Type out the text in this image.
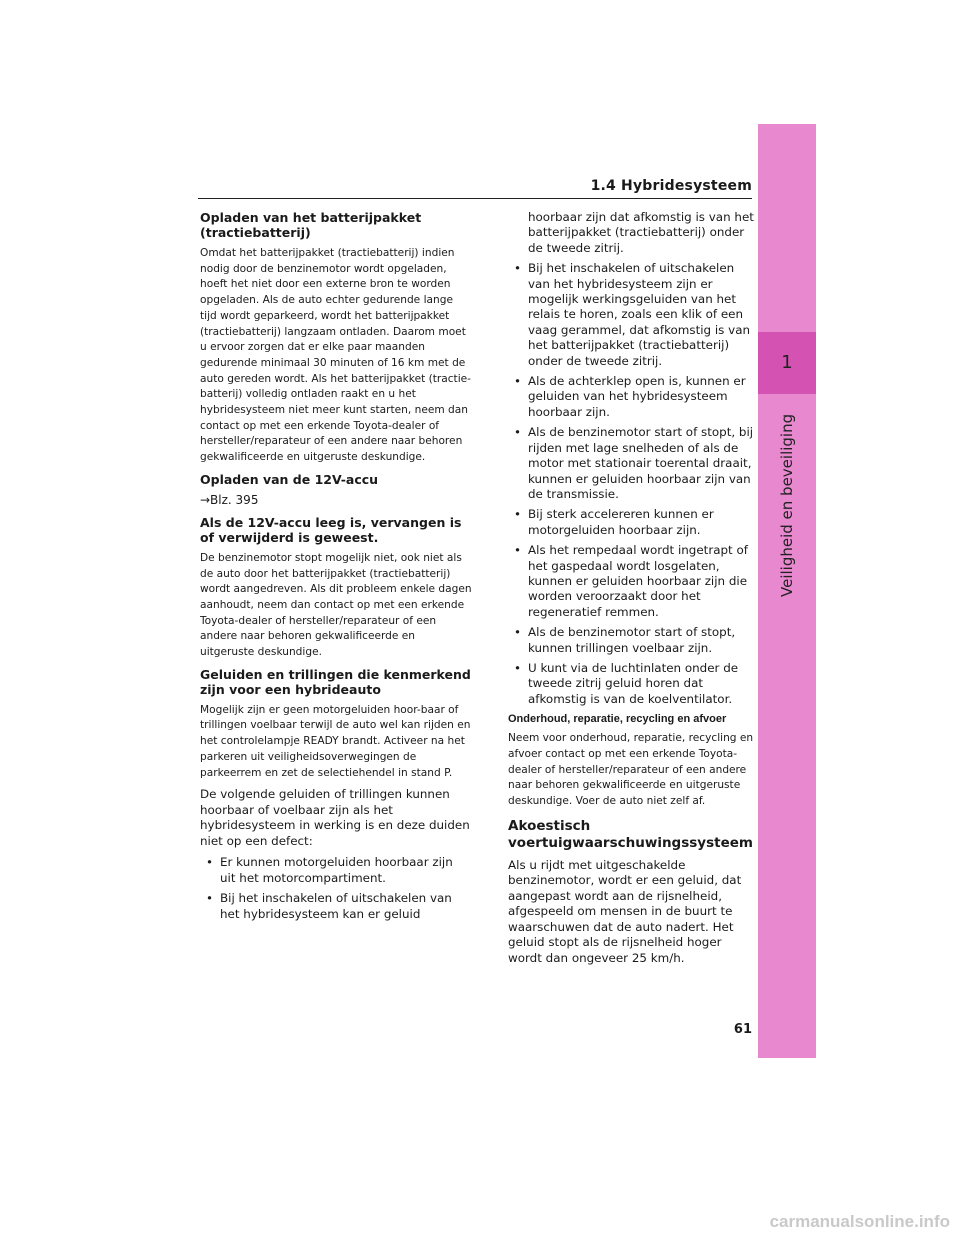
1.4 Hybridesysteem
1
Veiligheid en beveiliging
Opladen van het batterijpakket (tractiebatterij)

Omdat het batterijpakket (tractiebatterij) indien nodig door de benzinemotor wordt opgeladen, hoeft het niet door een externe bron te worden opgeladen. Als de auto echter gedurende lange tijd wordt geparkeerd, wordt het batterijpakket (tractiebatterij) langzaam ontladen. Daarom moet u ervoor zorgen dat er elke paar maanden gedurende minimaal 30 minuten of 16 km met de auto gereden wordt. Als het batterijpakket (tractie-batterij) volledig ontladen raakt en u het hybridesysteem niet meer kunt starten, neem dan contact op met een erkende Toyota-dealer of hersteller/reparateur of een andere naar behoren gekwalificeerde en uitgeruste deskundige.

Opladen van de 12V-accu
→Blz. 395
Als de 12V-accu leeg is, vervangen is of verwijderd is geweest.

De benzinemotor stopt mogelijk niet, ook niet als de auto door het batterijpakket (tractiebatterij) wordt aangedreven. Als dit probleem enkele dagen aanhoudt, neem dan contact op met een erkende Toyota-dealer of hersteller/reparateur of een andere naar behoren gekwalificeerde en uitgeruste deskundige.

Geluiden en trillingen die kenmerkend zijn voor een hybrideauto

Mogelijk zijn er geen motorgeluiden hoor-baar of trillingen voelbaar terwijl de auto wel kan rijden en het controlelampje READY brandt. Activeer na het parkeren uit veiligheidsoverwegingen de parkeerrem en zet de selectiehendel in stand P.

De volgende geluiden of trillingen kunnen hoorbaar of voelbaar zijn als het hybridesysteem in werking is en deze duiden niet op een defect:

• Er kunnen motorgeluiden hoorbaar zijn uit het motorcompartiment.
• Bij het inschakelen of uitschakelen van het hybridesysteem kan er geluid

hoorbaar zijn dat afkomstig is van het batterijpakket (tractiebatterij) onder de tweede zitrij.

• Bij het inschakelen of uitschakelen van het hybridesysteem zijn er mogelijk werkingsgeluiden van het relais te horen, zoals een klik of een vaag gerammel, dat afkomstig is van het batterijpakket (tractiebatterij) onder de tweede zitrij.
• Als de achterklep open is, kunnen er geluiden van het hybridesysteem hoorbaar zijn.
• Als de benzinemotor start of stopt, bij rijden met lage snelheden of als de motor met stationair toerental draait, kunnen er geluiden hoorbaar zijn van de transmissie.
• Bij sterk accelereren kunnen er motorgeluiden hoorbaar zijn.
• Als het rempedaal wordt ingetrapt of het gaspedaal wordt losgelaten, kunnen er geluiden hoorbaar zijn die worden veroorzaakt door het regeneratief remmen.
• Als de benzinemotor start of stopt, kunnen trillingen voelbaar zijn.
• U kunt via de luchtinlaten onder de tweede zitrij geluid horen dat afkomstig is van de koelventilator.
Onderhoud, reparatie, recycling en afvoer

Neem voor onderhoud, reparatie, recycling en afvoer contact op met een erkende Toyota-dealer of hersteller/reparateur of een andere naar behoren gekwalificeerde en uitgeruste deskundige. Voer de auto niet zelf af.

Akoestisch voertuigwaarschuwingssysteem

Als u rijdt met uitgeschakelde benzinemotor, wordt er een geluid, dat aangepast wordt aan de rijsnelheid, afgespeeld om mensen in de buurt te waarschuwen dat de auto nadert. Het geluid stopt als de rijsnelheid hoger wordt dan ongeveer 25 km/h.

61
carmanualsonline.info
